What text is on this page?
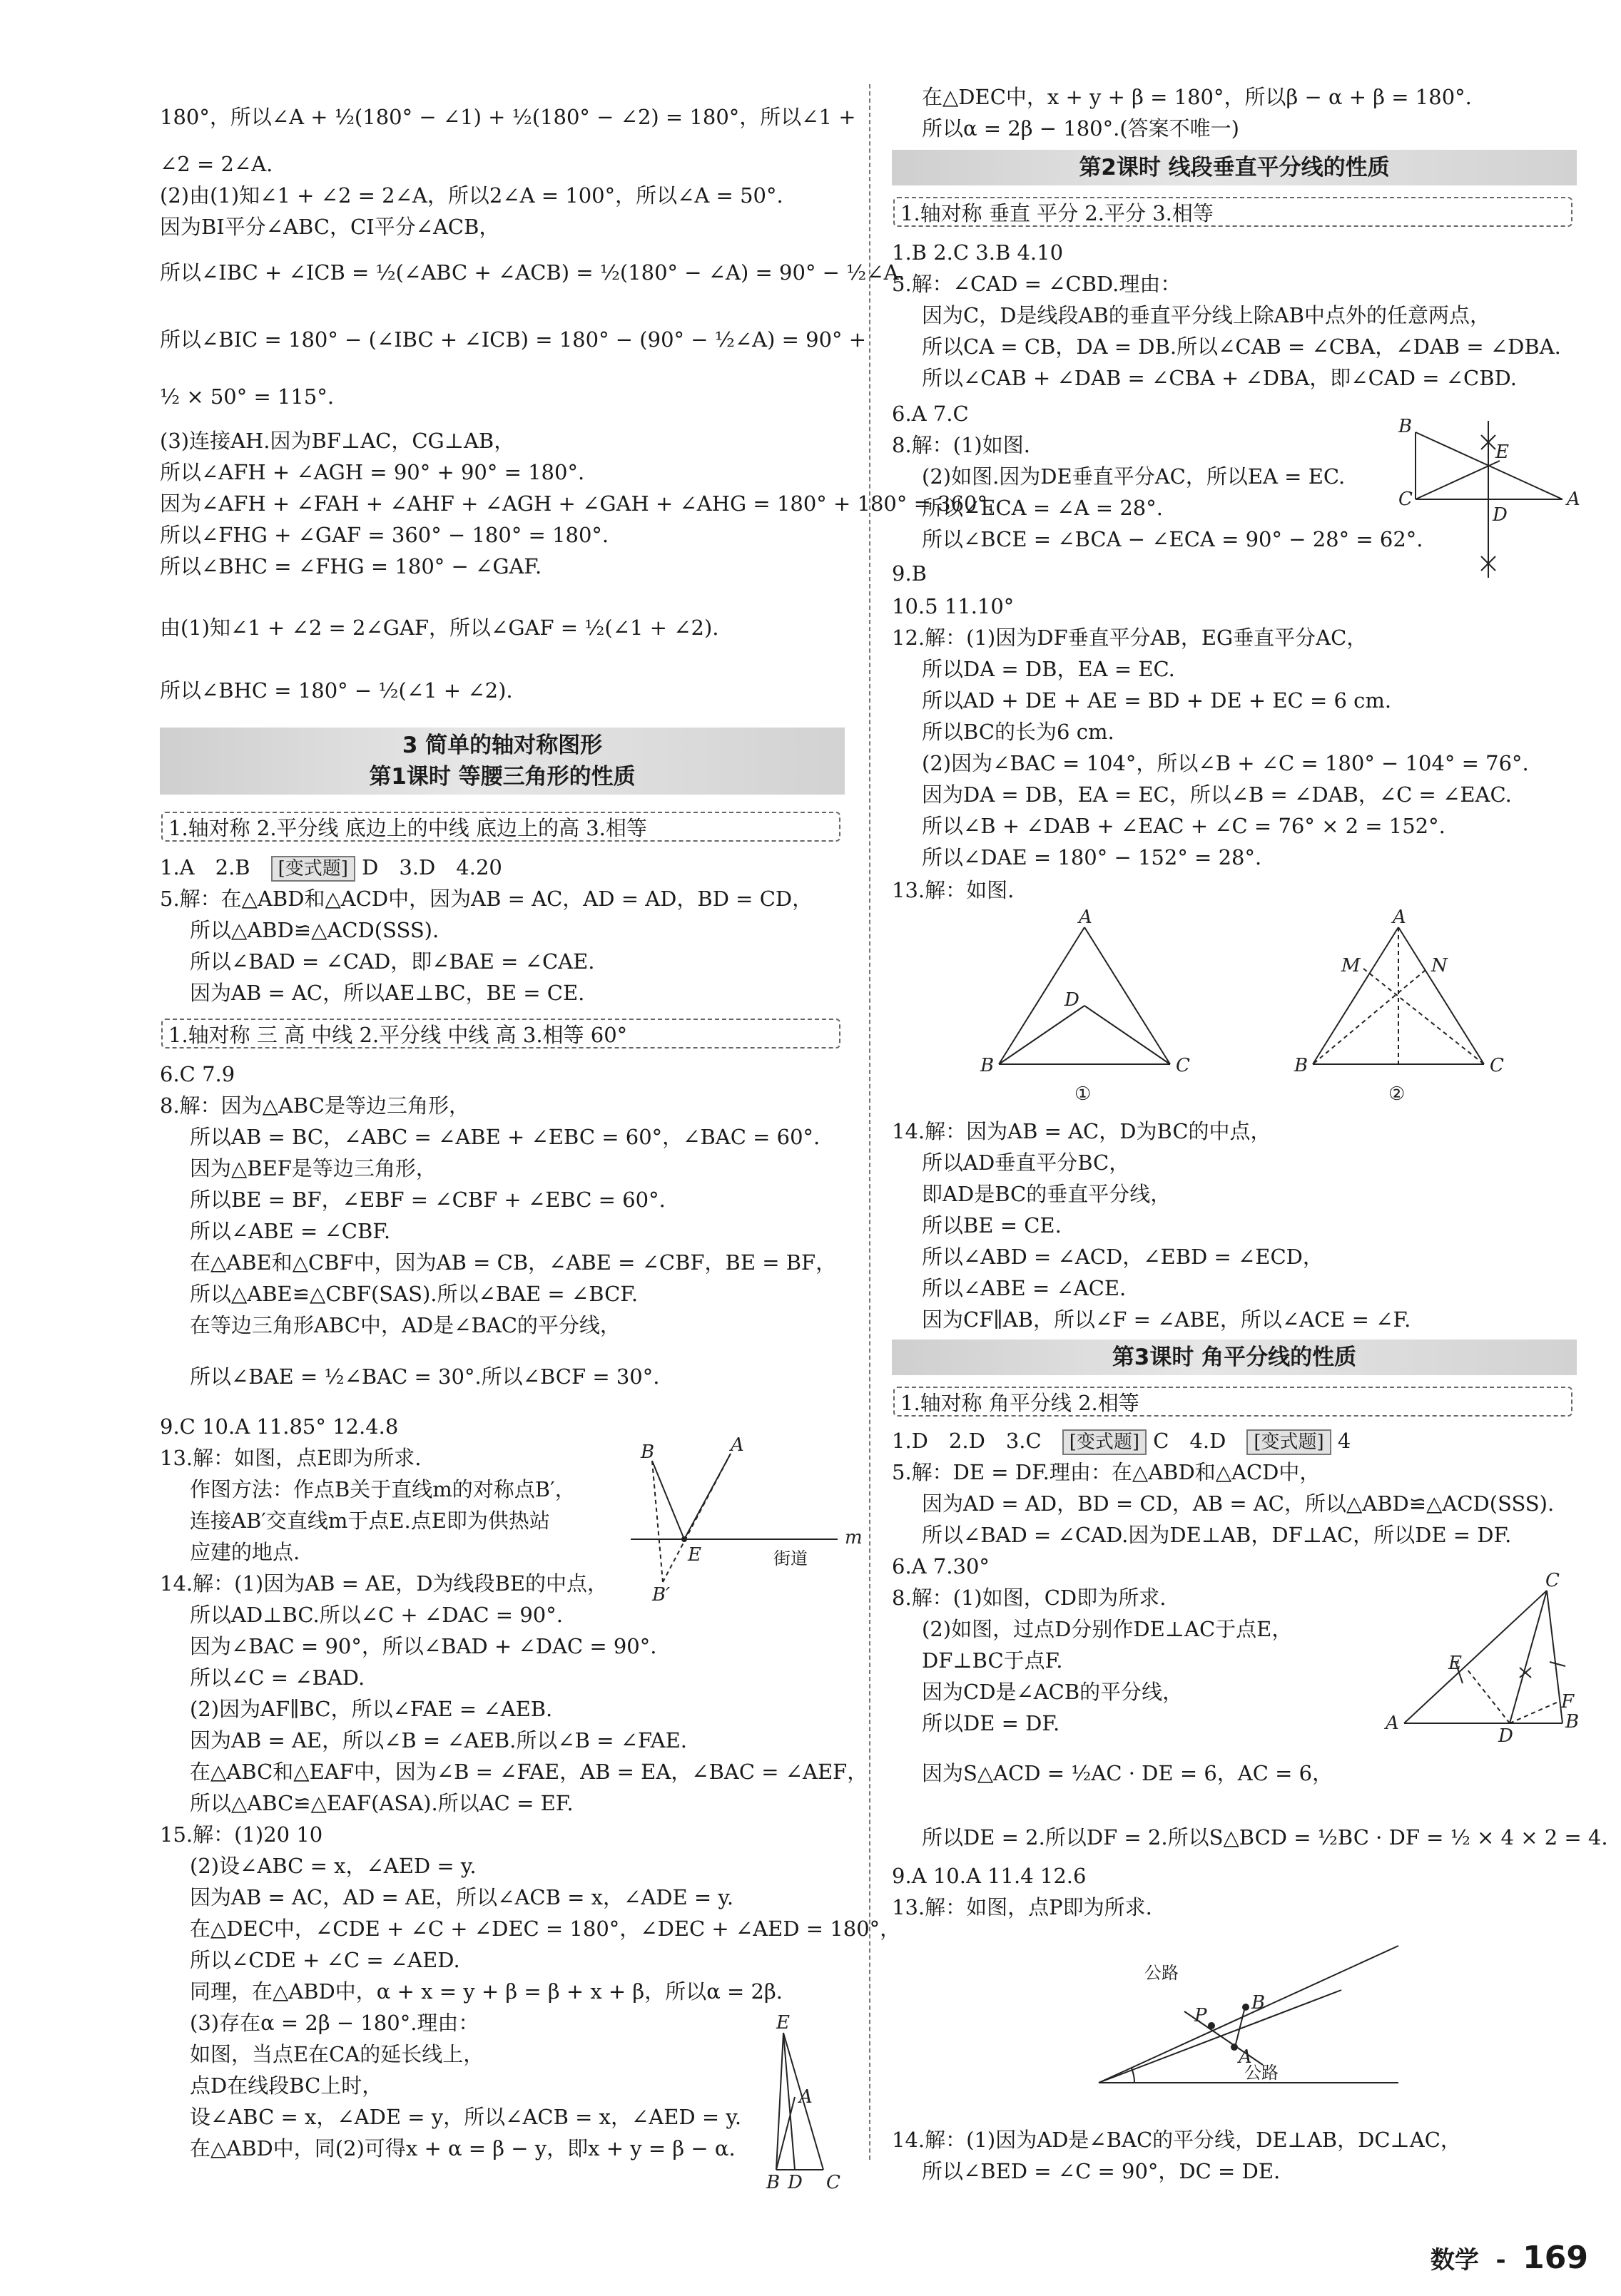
180°，所以∠A + ½(180° − ∠1) + ½(180° − ∠2) = 180°，所以∠1 +
∠2 = 2∠A.
(2)由(1)知∠1 + ∠2 = 2∠A，所以2∠A = 100°，所以∠A = 50°.
因为BI平分∠ABC，CI平分∠ACB，
所以∠IBC + ∠ICB = ½(∠ABC + ∠ACB) = ½(180° − ∠A) = 90° − ½∠A.
所以∠BIC = 180° − (∠IBC + ∠ICB) = 180° − (90° − ½∠A) = 90° +
½ × 50° = 115°.
(3)连接AH.因为BF⊥AC，CG⊥AB，
所以∠AFH + ∠AGH = 90° + 90° = 180°.
因为∠AFH + ∠FAH + ∠AHF + ∠AGH + ∠GAH + ∠AHG = 180° + 180° = 360°，
所以∠FHG + ∠GAF = 360° − 180° = 180°.
所以∠BHC = ∠FHG = 180° − ∠GAF.
由(1)知∠1 + ∠2 = 2∠GAF，所以∠GAF = ½(∠1 + ∠2).
所以∠BHC = 180° − ½(∠1 + ∠2).
3 简单的轴对称图形
第1课时 等腰三角形的性质
1.轴对称 2.平分线 底边上的中线 底边上的高 3.相等
1.A　2.B　[变式题] D　3.D　4.20
5.解：在△ABD和△ACD中，因为AB = AC，AD = AD，BD = CD，
所以△ABD≌△ACD(SSS).
所以∠BAD = ∠CAD，即∠BAE = ∠CAE.
因为AB = AC，所以AE⊥BC，BE = CE.
1.轴对称 三 高 中线 2.平分线 中线 高 3.相等 60°
6.C 7.9
8.解：因为△ABC是等边三角形，
所以AB = BC，∠ABC = ∠ABE + ∠EBC = 60°，∠BAC = 60°.
因为△BEF是等边三角形，
所以BE = BF，∠EBF = ∠CBF + ∠EBC = 60°.
所以∠ABE = ∠CBF.
在△ABE和△CBF中，因为AB = CB，∠ABE = ∠CBF，BE = BF，
所以△ABE≌△CBF(SAS).所以∠BAE = ∠BCF.
在等边三角形ABC中，AD是∠BAC的平分线，
所以∠BAE = ½∠BAC = 30°.所以∠BCF = 30°.
9.C 10.A 11.85° 12.4.8
13.解：如图，点E即为所求.
作图方法：作点B关于直线m的对称点B′，
连接AB′交直线m于点E.点E即为供热站
应建的地点.
B	A
E
B′
m
街道
14.解：(1)因为AB = AE，D为线段BE的中点，
所以AD⊥BC.所以∠C + ∠DAC = 90°.
因为∠BAC = 90°，所以∠BAD + ∠DAC = 90°.
所以∠C = ∠BAD.
(2)因为AF∥BC，所以∠FAE = ∠AEB.
因为AB = AE，所以∠B = ∠AEB.所以∠B = ∠FAE.
在△ABC和△EAF中，因为∠B = ∠FAE，AB = EA，∠BAC = ∠AEF，
所以△ABC≌△EAF(ASA).所以AC = EF.
15.解：(1)20 10
(2)设∠ABC = x，∠AED = y.
因为AB = AC，AD = AE，所以∠ACB = x，∠ADE = y.
在△DEC中，∠CDE + ∠C + ∠DEC = 180°，∠DEC + ∠AED = 180°，
所以∠CDE + ∠C = ∠AED.
同理，在△ABD中，α + x = y + β = β + x + β，所以α = 2β.
(3)存在α = 2β − 180°.理由：
如图，当点E在CA的延长线上，
点D在线段BC上时，
设∠ABC = x，∠ADE = y，所以∠ACB = x，∠AED = y.
在△ABD中，同(2)可得x + α = β − y，即x + y = β − α.
E
A
B D C
在△DEC中，x + y + β = 180°，所以β − α + β = 180°.
所以α = 2β − 180°.(答案不唯一)
第2课时 线段垂直平分线的性质
1.轴对称 垂直 平分 2.平分 3.相等
1.B 2.C 3.B 4.10
5.解：∠CAD = ∠CBD.理由：
因为C，D是线段AB的垂直平分线上除AB中点外的任意两点，
所以CA = CB，DA = DB.所以∠CAB = ∠CBA，∠DAB = ∠DBA.
所以∠CAB + ∠DAB = ∠CBA + ∠DBA，即∠CAD = ∠CBD.
6.A 7.C
8.解：(1)如图.
(2)如图.因为DE垂直平分AC，所以EA = EC.
所以∠ECA = ∠A = 28°.
所以∠BCE = ∠BCA − ∠ECA = 90° − 28° = 62°.
B
E
C
D
A
9.B
10.5 11.10°
12.解：(1)因为DF垂直平分AB，EG垂直平分AC，
所以DA = DB，EA = EC.
所以AD + DE + AE = BD + DE + EC = 6 cm.
所以BC的长为6 cm.
(2)因为∠BAC = 104°，所以∠B + ∠C = 180° − 104° = 76°.
因为DA = DB，EA = EC，所以∠B = ∠DAB，∠C = ∠EAC.
所以∠B + ∠DAB + ∠EAC + ∠C = 76° × 2 = 152°.
所以∠DAE = 180° − 152° = 28°.
13.解：如图.
A
D
B	C
①
A
M	N
B	C
②
14.解：因为AB = AC，D为BC的中点，
所以AD垂直平分BC，
即AD是BC的垂直平分线，
所以BE = CE.
所以∠ABD = ∠ACD，∠EBD = ∠ECD，
所以∠ABE = ∠ACE.
因为CF∥AB，所以∠F = ∠ABE，所以∠ACE = ∠F.
第3课时 角平分线的性质
1.轴对称 角平分线 2.相等
1.D　2.D　3.C　[变式题] C　4.D　[变式题] 4
5.解：DE = DF.理由：在△ABD和△ACD中，
因为AD = AD，BD = CD，AB = AC，所以△ABD≌△ACD(SSS).
所以∠BAD = ∠CAD.因为DE⊥AB，DF⊥AC，所以DE = DF.
6.A 7.30°
8.解：(1)如图，CD即为所求.
(2)如图，过点D分别作DE⊥AC于点E，
DF⊥BC于点F.
因为CD是∠ACB的平分线，
所以DE = DF.
因为S△ACD = ½AC · DE = 6，AC = 6，
所以DE = 2.所以DF = 2.所以S△BCD = ½BC · DF = ½ × 4 × 2 = 4.
C
E
A
D
B
F
9.A 10.A 11.4 12.6
13.解：如图，点P即为所求.
P
B
A
公路
公路
14.解：(1)因为AD是∠BAC的平分线，DE⊥AB，DC⊥AC，
所以∠BED = ∠C = 90°，DC = DE.
数学 - 169
